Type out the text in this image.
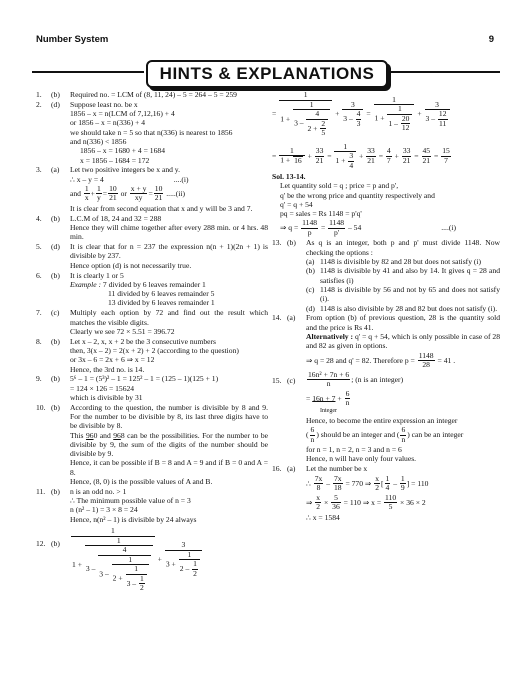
Number System	9
HINTS & EXPLANATIONS
1. (b) Required no. = LCM of (8, 11, 24) – 5 = 264 – 5 = 259
2. (d) Suppose least no. be x
1856 – x = n(LCM of 7,12,16) + 4
or 1856 – x = n(336) + 4
we should take n = 5 so that n(336) is nearest to 1856
and n(336) < 1856
1856 – x = 1680 + 4 = 1684
x = 1856 – 1684 = 172
3. (a) Let two positive integers be x and y.
∴ x – y = 4	....(i)
and $\frac{1}{x} + \frac{1}{y} = \frac{10}{21}$ or $\frac{x + y}{xy} = \frac{10}{21} .....(ii)$
It is clear from second equation that x and y will be 3 and 7.
4. (b) L.C.M of 18, 24 and 32 = 288
Hence they will chime together after every 288 min. or 4 hrs. 48 min.
5. (d) It is clear that for n = 237 the expression n(n + 1)(2n + 1) is divisible by 237.
Hence option (d) is not necessarily true.
6. (b) It is clearly 1 or 5
Example : 7 divided by 6 leaves remainder 1
11 divided by 6 leaves remainder 5
13 divided by 6 leaves remainder 1
7. (c) Multiply each option by 72 and find out the result which matches the visible digits.
Clearly we see 72 × 5.51 = 396.72
8. (b) Let x – 2, x, x + 2 be the 3 consecutive numbers
then, 3(x – 2) = 2(x + 2) + 2 (according to the question)
or 3x – 6 = 2x + 6 ⇒ x = 12
Hence, the 3rd no. is 14.
9. (b) 5⁶ – 1 = (5³)² – 1 = 125² – 1 = (125 – 1)(125 + 1)
= 124 × 126 = 15624
which is divisible by 31
10. (b) According to the question, the number is divisible by 8 and 9. For the number to be divisible by 8, its last three digits have to be divisible by 8.
This 960 and 968 can be the possibilities. For the number to be divisible by 9, the sum of the digits of the number should be divisible by 9.
Hence, it can be possible if B = 8 and A = 9 and if B = 0 and A = 8.
Hence, (8, 0) is the possible values of A and B.
11. (b) n is an odd no. > 1
∴ The minimum possible value of n = 3
n (n² – 1) = 3 × 8 = 24
Hence, n(n² – 1) is divisible by 24 always
12. $(b) \frac{1}{1 + \frac{1}{3 - \frac{4}{3 - \frac{1}{2 + \frac{1}{3 - \frac{1}{2}}}}}} + \frac{3}{3 + \frac{1}{2 - \frac{1}{2}}}$
= $\frac{1}{1 + \frac{1}{3 - \frac{4}{2 + \frac{2}{5}}}} + \frac{3}{3 - \frac{4}{3}} = \frac{1}{1 + \frac{1}{1 - \frac{20}{12}}} + \frac{3}{3 - \frac{12}{11}}$
= $\frac{1}{1 + 16} + \frac{33}{21} = \frac{1}{1 + \frac{3}{4}} + \frac{33}{21} = \frac{4}{7} + \frac{33}{21} = \frac{45}{21} = \frac{15}{7}$
Sol. 13-14.
Let quantity sold = q ; price = p and p',
q' be the wrong price and quantity respectively and
q' = q + 54
pq = sales = Rs 1148 = p'q'
⇒ $q = \frac{1148}{p} = \frac{1148}{p'} - 54$	....(i)
13. (b) As q is an integer, both p and p' must divide 1148. Now checking the options :
(a) 1148 is divisible by 82 and 28 but does not satisfy (i)
(b) 1148 is divisible by 41 and also by 14. It gives q = 28 and satisfies (i)
(c) 1148 is divisible by 56 and not by 65 and does not satisfy (i).
(d) 1148 is also divisible by 28 and 82 but does not satisfy (i).
14. (a) From option (b) of previous question, 28 is the quantity sold and the price is Rs 41.
Alternatively : q' = q + 54, which is only possible in case of 28 and 82 as given in options.
⇒ q = 28 and q' = 82. Therefore $p = \frac{1148}{28} = 41$ .
15. $(c) \frac{\text{16n² + 7n + 6}}{n}$ ; (n is an integer)
= $16n + 7 + \frac{6}{n}$
Integer
Hence, to become the entire expression an integer
( $\frac{6}{n}$ ) should be an integer and ( $\frac{6}{n}$ ) can be an integer
for n = 1, n = 2, n = 3 and n = 6
Hence, n will have only four values.
16. (a) Let the number be x
∴ $\frac{7x}{8} - \frac{7x}{18} = 770$ ⇒ $\frac{x}{2}$ [ $\frac{1}{4} - \frac{1}{9}$ ] = 110
⇒ $\frac{x}{2} \times \frac{5}{36} = 110$ ⇒ $x = \frac{110}{5} \times 36 \times 2$
∴ x = 1584
